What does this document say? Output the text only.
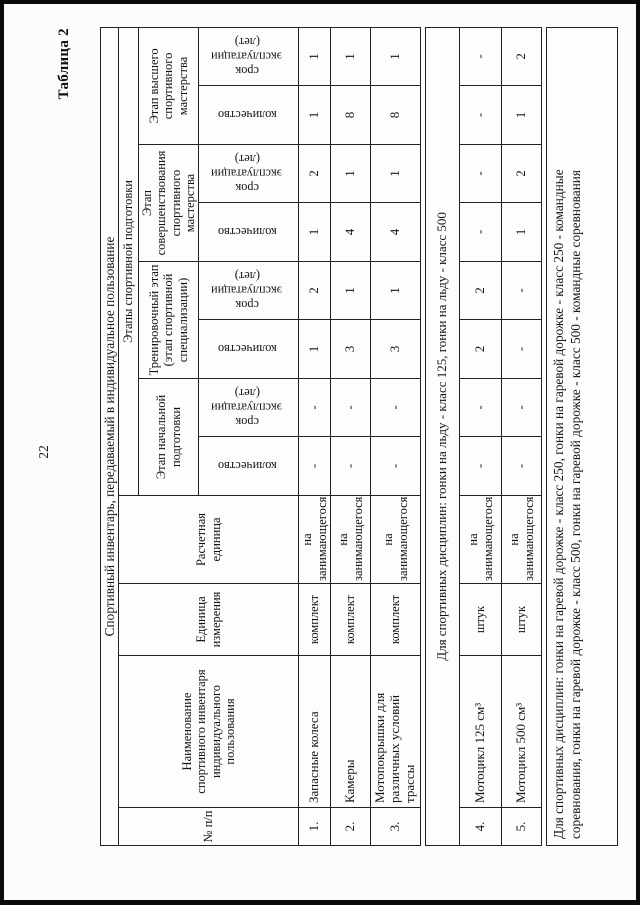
22
Таблица 2
Спортивный инвентарь, передаваемый в индивидуальное пользование											
№ п/п	Наименование спортивного инвентаря индивидуального пользования	Единица измерения	Расчетная единица	Этапы спортивной подготовки							
				Этап начальной подготовки		Тренировочный этап (этап спортивной специализации)		Этап совершенствования спортивного мастерства		Этап высшего спортивного мастерства	
				количество	срок эксплуатации (лет)	количество	срок эксплуатации (лет)	количество	срок эксплуатации (лет)	количество	срок эксплуатации (лет)
1.	Запасные колеса	комплект	на занимающегося	-	-	1	2	1	2	1	1
2.	Камеры	комплект	на занимающегося	-	-	3	1	4	1	8	1
3.	Мотопокрышки для различных условий трассы	комплект	на занимающегося	-	-	3	1	4	1	8	1
Для спортивных дисциплин: гонки на льду - класс 125, гонки на льду - класс 500											
4.	Мотоцикл 125 см³	штук	на занимающегося	-	-	2	2	-	-	-	-
5.	Мотоцикл 500 см³	штук	на занимающегося	-	-	-	-	1	2	1	2
Для спортивных дисциплин: гонки на гаревой дорожке - класс 250, гонки на гаревой дорожке - класс 250 - командные соревнования, гонки на гаревой дорожке - класс 500, гонки на гаревой дорожке - класс 500 - командные соревнования
